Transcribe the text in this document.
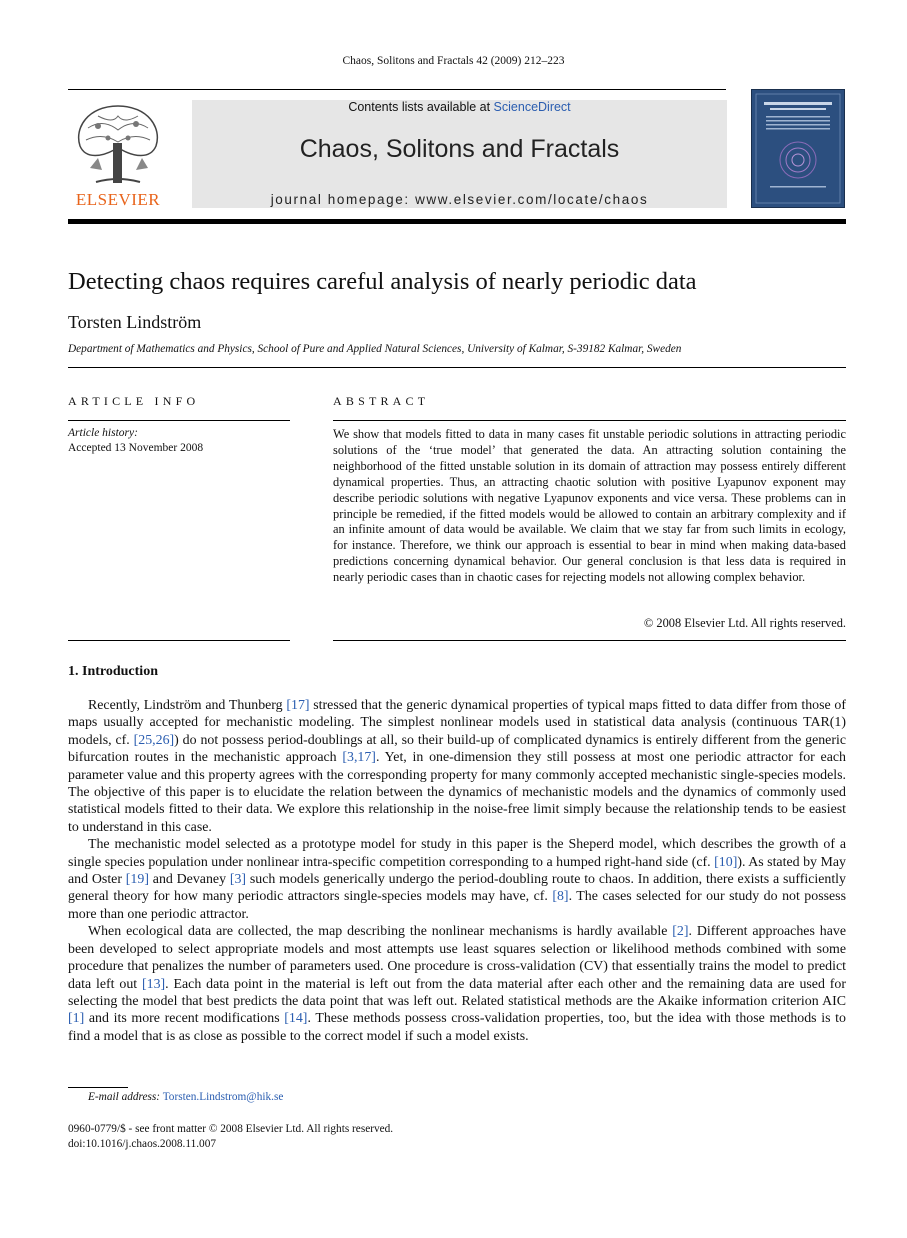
Chaos, Solitons and Fractals 42 (2009) 212–223
ELSEVIER
Contents lists available at ScienceDirect
Chaos, Solitons and Fractals
journal homepage: www.elsevier.com/locate/chaos
Detecting chaos requires careful analysis of nearly periodic data
Torsten Lindström
Department of Mathematics and Physics, School of Pure and Applied Natural Sciences, University of Kalmar, S-39182 Kalmar, Sweden
ARTICLE INFO
Article history:
Accepted 13 November 2008
ABSTRACT

We show that models fitted to data in many cases fit unstable periodic solutions in attracting periodic solutions of the ‘true model’ that generated the data. An attracting solution containing the neighborhood of the fitted unstable solution in its domain of attraction may possess entirely different dynamical properties. Thus, an attracting chaotic solution with positive Lyapunov exponent may describe periodic solutions with negative Lyapunov exponents and vice versa. These problems can in principle be remedied, if the fitted models would be allowed to contain an arbitrary complexity and if an infinite amount of data would be available. We claim that we stay far from such limits in ecology, for instance. Therefore, we think our approach is essential to bear in mind when making data-based predictions concerning dynamical behavior. Our general conclusion is that less data is required in nearly periodic cases than in chaotic cases for rejecting models not allowing complex behavior.

© 2008 Elsevier Ltd. All rights reserved.
1. Introduction

Recently, Lindström and Thunberg [17] stressed that the generic dynamical properties of typical maps fitted to data differ from those of maps usually accepted for mechanistic modeling. The simplest nonlinear models used in statistical data analysis (continuous TAR(1) models, cf. [25,26]) do not possess period-doublings at all, so their build-up of complicated dynamics is entirely different from the generic bifurcation routes in the mechanistic approach [3,17]. Yet, in one-dimension they still possess at most one periodic attractor for each parameter value and this property agrees with the corresponding property for many commonly accepted mechanistic single-species models. The objective of this paper is to elucidate the relation between the dynamics of mechanistic models and the dynamics of commonly used statistical models fitted to their data. We explore this relationship in the noise-free limit simply because the relationship tends to be easiest to understand in this case.

The mechanistic model selected as a prototype model for study in this paper is the Sheperd model, which describes the growth of a single species population under nonlinear intra-specific competition corresponding to a humped right-hand side (cf. [10]). As stated by May and Oster [19] and Devaney [3] such models generically undergo the period-doubling route to chaos. In addition, there exists a sufficiently general theory for how many periodic attractors single-species models may have, cf. [8]. The cases selected for our study do not possess more than one periodic attractor.

When ecological data are collected, the map describing the nonlinear mechanisms is hardly available [2]. Different approaches have been developed to select appropriate models and most attempts use least squares selection or likelihood methods combined with some procedure that penalizes the number of parameters used. One procedure is cross-validation (CV) that essentially trains the model to predict data left out [13]. Each data point in the material is left out from the data material after each other and the remaining data are used for selecting the model that best predicts the data point that was left out. Related statistical methods are the Akaike information criterion AIC [1] and its more recent modifications [14]. These methods possess cross-validation properties, too, but the idea with those methods is to find a model that is as close as possible to the correct model if such a model exists.

E-mail address: Torsten.Lindstrom@hik.se
0960-0779/$ - see front matter © 2008 Elsevier Ltd. All rights reserved.
doi:10.1016/j.chaos.2008.11.007
